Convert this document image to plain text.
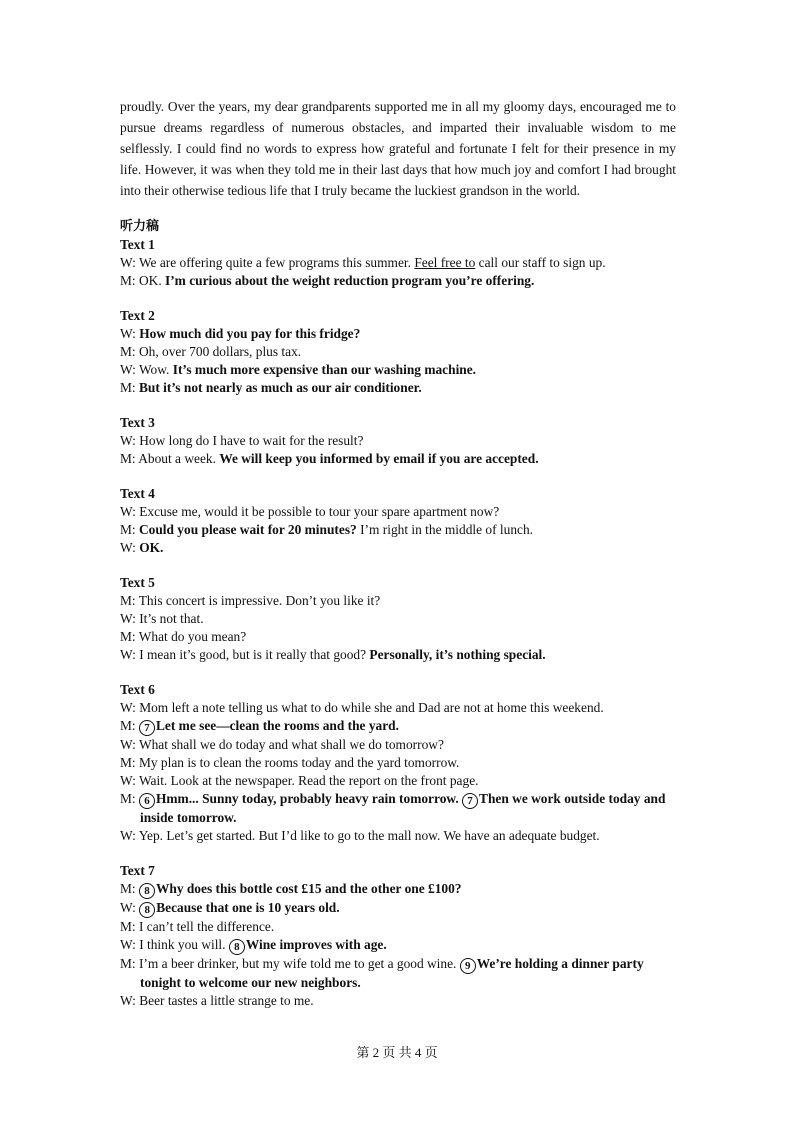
proudly. Over the years, my dear grandparents supported me in all my gloomy days, encouraged me to pursue dreams regardless of numerous obstacles, and imparted their invaluable wisdom to me selflessly. I could find no words to express how grateful and fortunate I felt for their presence in my life. However, it was when they told me in their last days that how much joy and comfort I had brought into their otherwise tedious life that I truly became the luckiest grandson in the world.

听力稿
Text 1
W: We are offering quite a few programs this summer. Feel free to call our staff to sign up.
M: OK. I’m curious about the weight reduction program you’re offering.
Text 2
W: How much did you pay for this fridge?
M: Oh, over 700 dollars, plus tax.
W: Wow. It’s much more expensive than our washing machine.
M: But it’s not nearly as much as our air conditioner.
Text 3
W: How long do I have to wait for the result?
M: About a week. We will keep you informed by email if you are accepted.
Text 4
W: Excuse me, would it be possible to tour your spare apartment now?
M: Could you please wait for 20 minutes? I’m right in the middle of lunch.
W: OK.
Text 5
M: This concert is impressive. Don’t you like it?
W: It’s not that.
M: What do you mean?
W: I mean it’s good, but is it really that good? Personally, it’s nothing special.
Text 6
W: Mom left a note telling us what to do while she and Dad are not at home this weekend.
M: 7 Let me see—clean the rooms and the yard.
W: What shall we do today and what shall we do tomorrow?
M: My plan is to clean the rooms today and the yard tomorrow.
W: Wait. Look at the newspaper. Read the report on the front page.
M: 6 Hmm... Sunny today, probably heavy rain tomorrow. 7 Then we work outside today and inside tomorrow.
W: Yep. Let’s get started. But I’d like to go to the mall now. We have an adequate budget.
Text 7
M: 8 Why does this bottle cost £15 and the other one £100?
W: 8 Because that one is 10 years old.
M: I can’t tell the difference.
W: I think you will. 8 Wine improves with age.
M: I’m a beer drinker, but my wife told me to get a good wine. 9 We’re holding a dinner party tonight to welcome our new neighbors.
W: Beer tastes a little strange to me.
第 2 页 共 4 页
